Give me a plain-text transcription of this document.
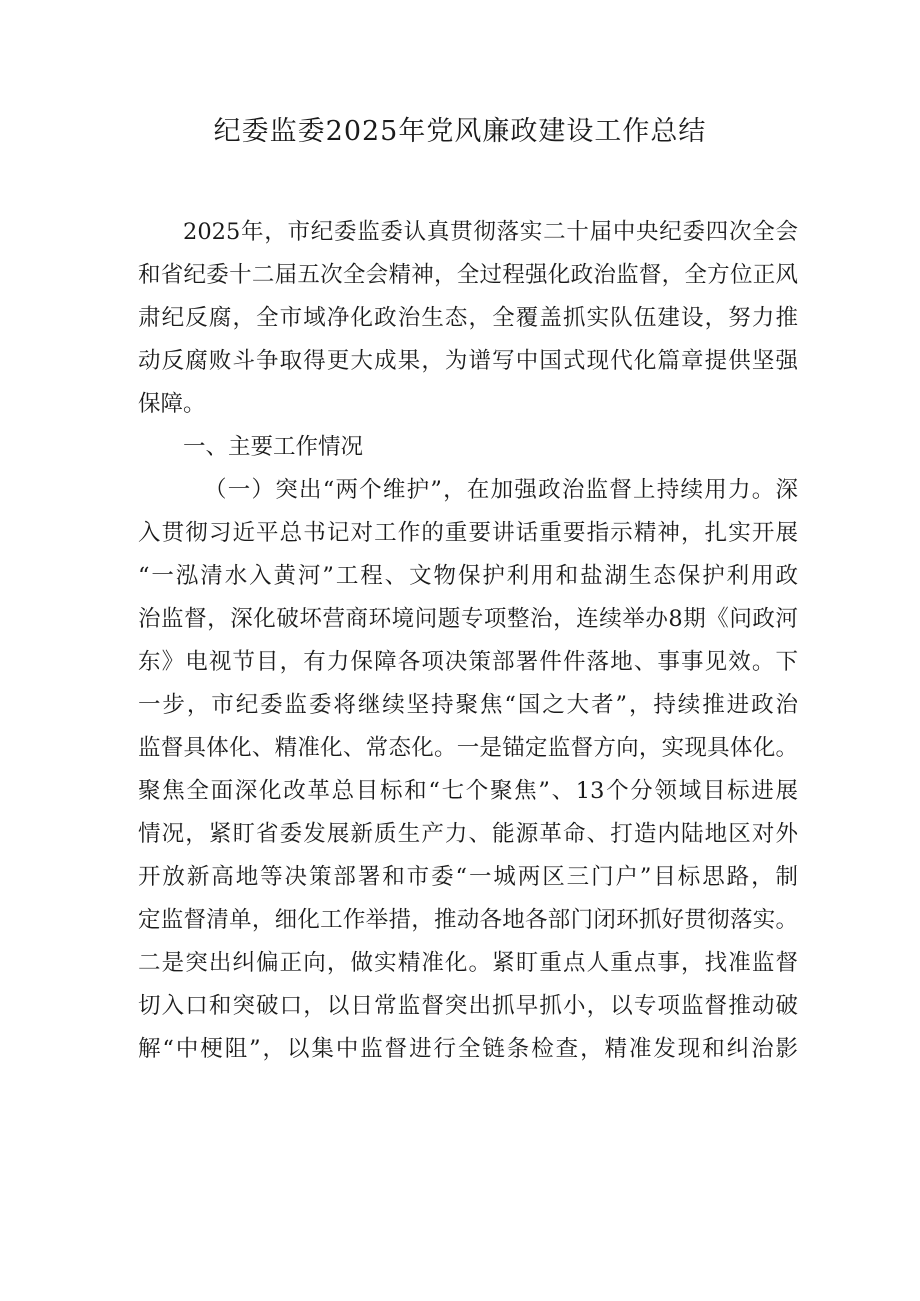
纪委监委2025年党风廉政建设工作总结
2025年，市纪委监委认真贯彻落实二十届中央纪委四次全会
和省纪委十二届五次全会精神，全过程强化政治监督，全方位正风
肃纪反腐，全市域净化政治生态，全覆盖抓实队伍建设，努力推
动反腐败斗争取得更大成果，为谱写中国式现代化篇章提供坚强
保障。
一、主要工作情况
（一）突出“两个维护”，在加强政治监督上持续用力。深
入贯彻习近平总书记对工作的重要讲话重要指示精神，扎实开展
“一泓清水入黄河”工程、文物保护利用和盐湖生态保护利用政
治监督，深化破坏营商环境问题专项整治，连续举办8期《问政河
东》电视节目，有力保障各项决策部署件件落地、事事见效。下
一步，市纪委监委将继续坚持聚焦“国之大者”，持续推进政治
监督具体化、精准化、常态化。一是锚定监督方向，实现具体化。
聚焦全面深化改革总目标和“七个聚焦”、13个分领域目标进展
情况，紧盯省委发展新质生产力、能源革命、打造内陆地区对外
开放新高地等决策部署和市委“一城两区三门户”目标思路，制
定监督清单，细化工作举措，推动各地各部门闭环抓好贯彻落实。
二是突出纠偏正向，做实精准化。紧盯重点人重点事，找准监督
切入口和突破口，以日常监督突出抓早抓小，以专项监督推动破
解“中梗阻”，以集中监督进行全链条检查，精准发现和纠治影
